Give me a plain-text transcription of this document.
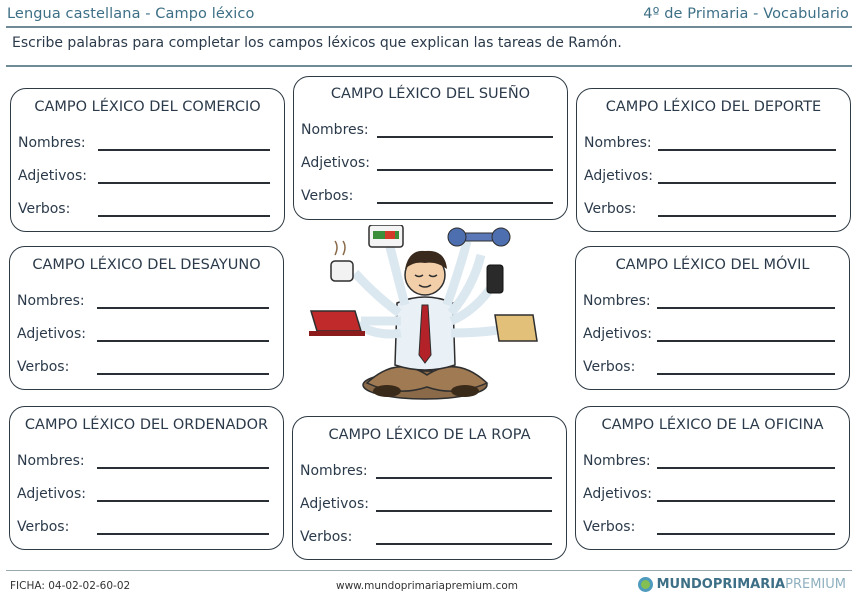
Lengua castellana - Campo léxico	4º de Primaria - Vocabulario
Escribe palabras para completar los campos léxicos que explican las tareas de Ramón.
CAMPO LÉXICO DEL COMERCIO
Nombres:
Adjetivos:
Verbos:
CAMPO LÉXICO DEL SUEÑO
Nombres:
Adjetivos:
Verbos:
CAMPO LÉXICO DEL DEPORTE
Nombres:
Adjetivos:
Verbos:
CAMPO LÉXICO DEL DESAYUNO
Nombres:
Adjetivos:
Verbos:
CAMPO LÉXICO DEL MÓVIL
Nombres:
Adjetivos:
Verbos:
CAMPO LÉXICO DEL ORDENADOR
Nombres:
Adjetivos:
Verbos:
CAMPO LÉXICO DE LA ROPA
Nombres:
Adjetivos:
Verbos:
CAMPO LÉXICO DE LA OFICINA
Nombres:
Adjetivos:
Verbos:
FICHA: 04-02-02-60-02	www.mundoprimariapremium.com	MUNDOPRIMARIA PREMIUM
